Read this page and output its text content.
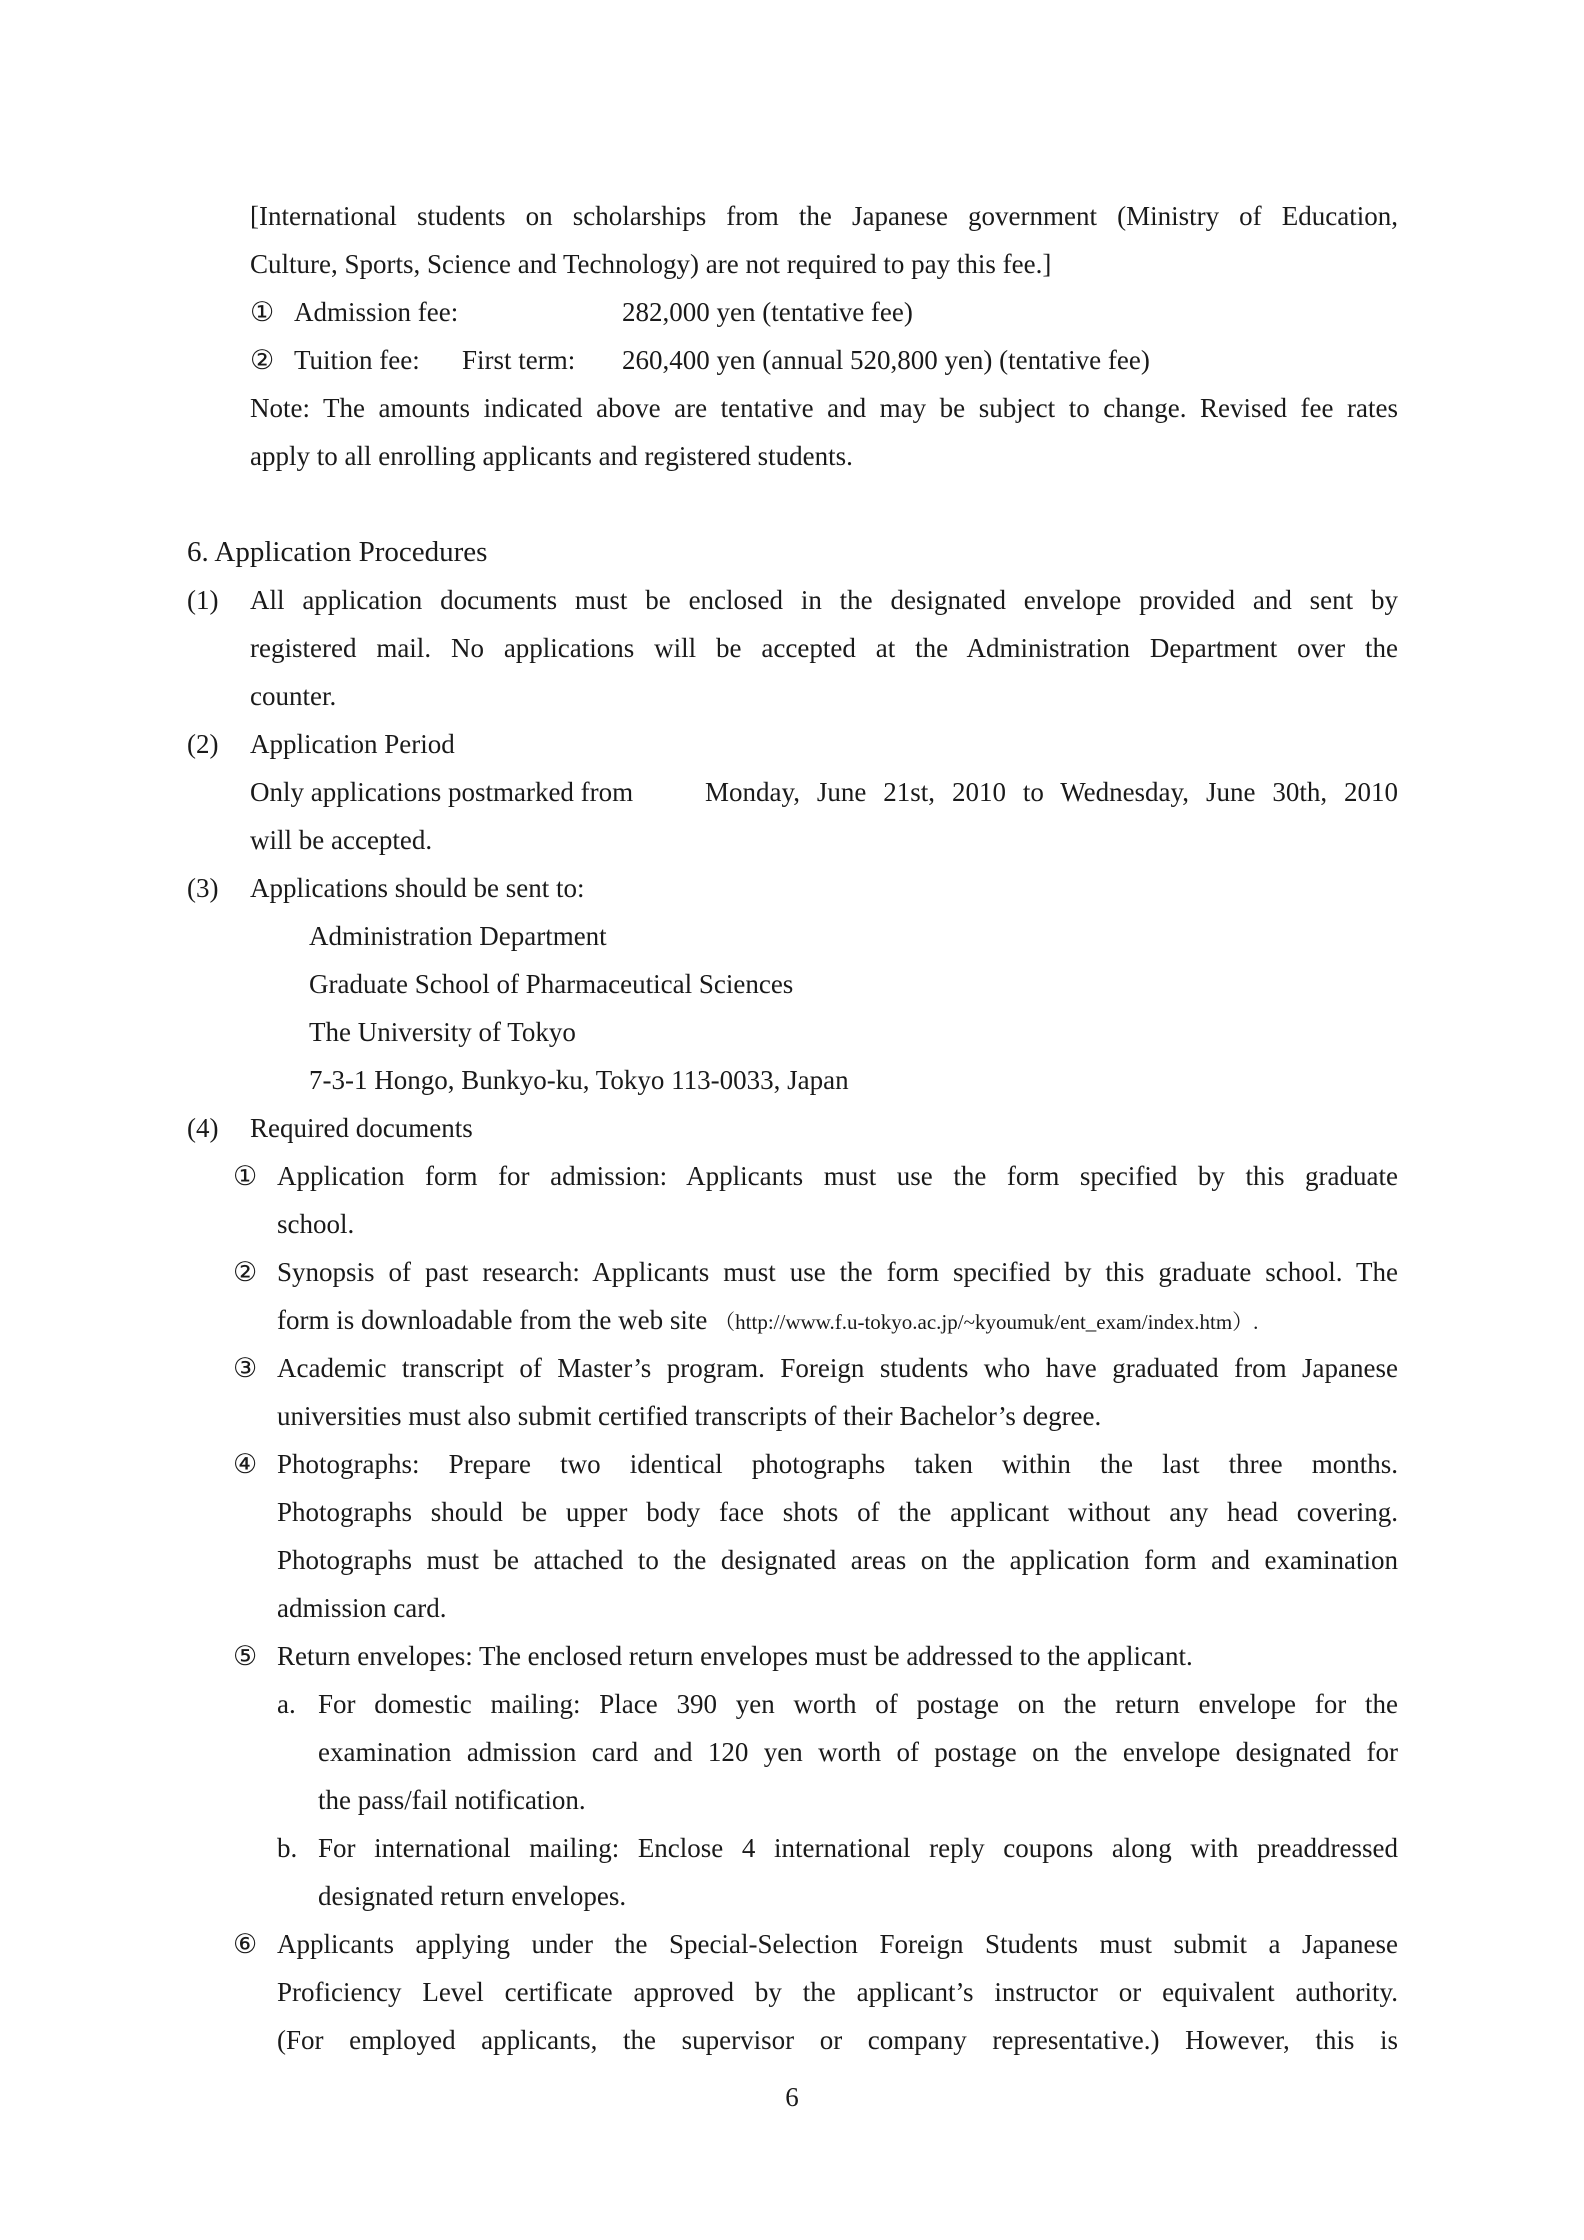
[International students on scholarships from the Japanese government (Ministry of Education,
Culture, Sports, Science and Technology) are not required to pay this fee.]
① Admission fee:	282,000 yen (tentative fee)
② Tuition fee: First term: 260,400 yen (annual 520,800 yen) (tentative fee)
Note: The amounts indicated above are tentative and may be subject to change. Revised fee rates
apply to all enrolling applicants and registered students.
6. Application Procedures
(1)	All application documents must be enclosed in the designated envelope provided and sent by
registered mail. No applications will be accepted at the Administration Department over the
counter.
(2)	Application Period
Only applications postmarked from	Monday, June 21st, 2010 to Wednesday, June 30th, 2010
will be accepted.
(3)	Applications should be sent to:
Administration Department
Graduate School of Pharmaceutical Sciences
The University of Tokyo
7-3-1 Hongo, Bunkyo-ku, Tokyo 113-0033, Japan
(4)	Required documents
① Application form for admission: Applicants must use the form specified by this graduate
school.
② Synopsis of past research: Applicants must use the form specified by this graduate school. The
form is downloadable from the web site （http://www.f.u-tokyo.ac.jp/~kyoumuk/ent_exam/index.htm）.
③ Academic transcript of Master’s program. Foreign students who have graduated from Japanese
universities must also submit certified transcripts of their Bachelor’s degree.
④ Photographs: Prepare two identical photographs taken within the last three months.
Photographs should be upper body face shots of the applicant without any head covering.
Photographs must be attached to the designated areas on the application form and examination
admission card.
⑤ Return envelopes: The enclosed return envelopes must be addressed to the applicant.
a. For domestic mailing: Place 390 yen worth of postage on the return envelope for the
examination admission card and 120 yen worth of postage on the envelope designated for
the pass/fail notification.
b. For international mailing: Enclose 4 international reply coupons along with preaddressed
designated return envelopes.
⑥ Applicants applying under the Special-Selection Foreign Students must submit a Japanese
Proficiency Level certificate approved by the applicant’s instructor or equivalent authority.
(For employed applicants, the supervisor or company representative.) However, this is
6
